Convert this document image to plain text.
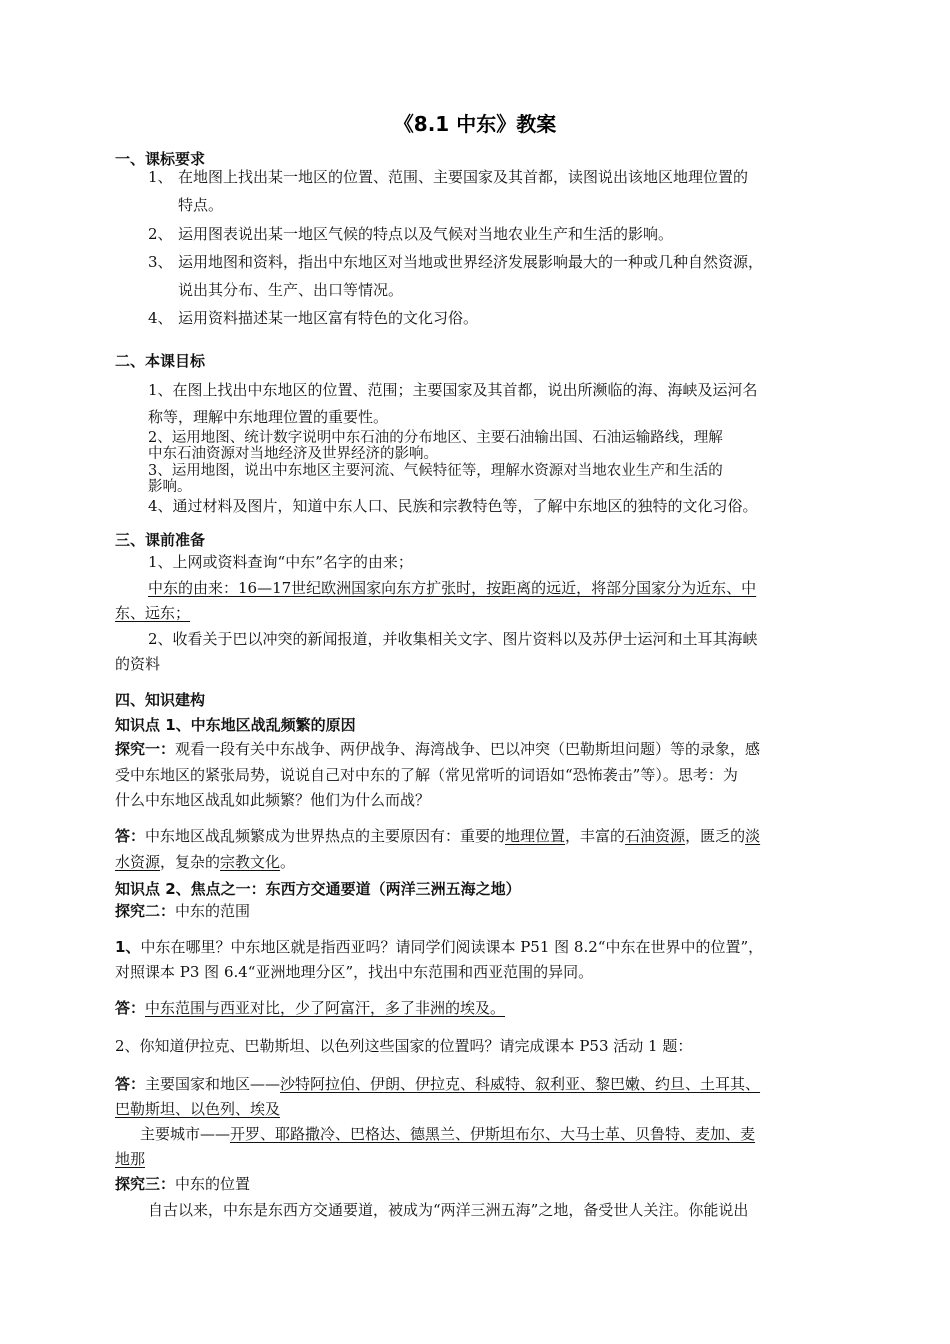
《8.1 中东》教案
一、课标要求
1、 在地图上找出某一地区的位置、范围、主要国家及其首都，读图说出该地区地理位置的
特点。
2、 运用图表说出某一地区气候的特点以及气候对当地农业生产和生活的影响。
3、 运用地图和资料，指出中东地区对当地或世界经济发展影响最大的一种或几种自然资源，
说出其分布、生产、出口等情况。
4、 运用资料描述某一地区富有特色的文化习俗。
二、本课目标
1、在图上找出中东地区的位置、范围；主要国家及其首都，说出所濒临的海、海峡及运河名
称等，理解中东地理位置的重要性。
2、运用地图、统计数字说明中东石油的分布地区、主要石油输出国、石油运输路线，理解
中东石油资源对当地经济及世界经济的影响。
3、运用地图，说出中东地区主要河流、气候特征等，理解水资源对当地农业生产和生活的
影响。
4、通过材料及图片，知道中东人口、民族和宗教特色等，了解中东地区的独特的文化习俗。
三、课前准备
1、上网或资料查询“中东”名字的由来；
中东的由来：16—17世纪欧洲国家向东方扩张时，按距离的远近，将部分国家分为近东、中
东、远东；
2、收看关于巴以冲突的新闻报道，并收集相关文字、图片资料以及苏伊士运河和土耳其海峡
的资料
四、知识建构
知识点 1、中东地区战乱频繁的原因
探究一：观看一段有关中东战争、两伊战争、海湾战争、巴以冲突（巴勒斯坦问题）等的录象，感
受中东地区的紧张局势，说说自己对中东的了解（常见常听的词语如“恐怖袭击”等）。思考：为
什么中东地区战乱如此频繁？他们为什么而战？
答：中东地区战乱频繁成为世界热点的主要原因有：重要的地理位置，丰富的石油资源，匮乏的淡
水资源，复杂的宗教文化。
知识点 2、焦点之一：东西方交通要道（两洋三洲五海之地）
探究二：中东的范围
1、中东在哪里？中东地区就是指西亚吗？请同学们阅读课本 P51 图 8.2“中东在世界中的位置”，
对照课本 P3 图 6.4“亚洲地理分区”，找出中东范围和西亚范围的异同。
答：中东范围与西亚对比，少了阿富汗，多了非洲的埃及。
2、你知道伊拉克、巴勒斯坦、以色列这些国家的位置吗？请完成课本 P53 活动 1 题：
答：主要国家和地区——沙特阿拉伯、伊朗、伊拉克、科威特、叙利亚、黎巴嫩、约旦、土耳其、
巴勒斯坦、以色列、埃及
主要城市——开罗、耶路撒冷、巴格达、德黑兰、伊斯坦布尔、大马士革、贝鲁特、麦加、麦
地那
探究三：中东的位置
自古以来，中东是东西方交通要道，被成为“两洋三洲五海”之地，备受世人关注。你能说出
